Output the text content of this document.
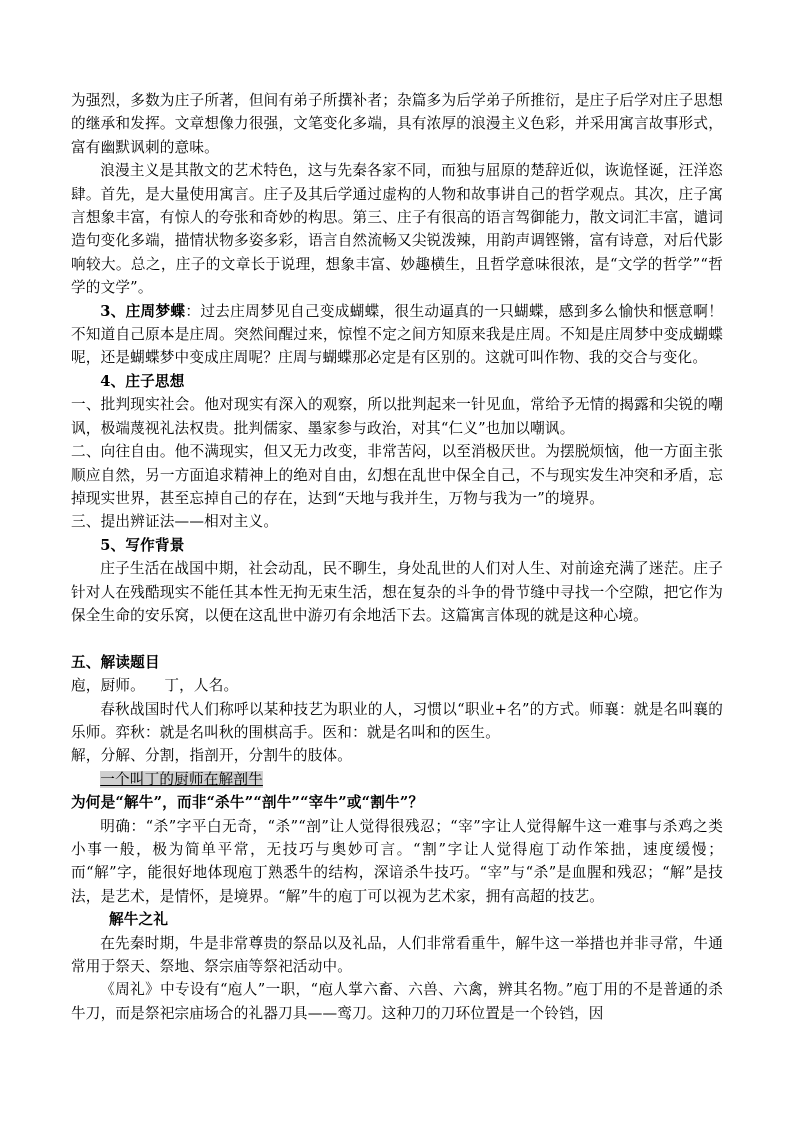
为强烈，多数为庄子所著，但间有弟子所撰补者；杂篇多为后学弟子所推衍，是庄子后学对庄子思想的继承和发挥。文章想像力很强，文笔变化多端，具有浓厚的浪漫主义色彩，并采用寓言故事形式，富有幽默讽刺的意味。

浪漫主义是其散文的艺术特色，这与先秦各家不同，而独与屈原的楚辞近似，诙诡怪诞，汪洋恣肆。首先，是大量使用寓言。庄子及其后学通过虚构的人物和故事讲自己的哲学观点。其次，庄子寓言想象丰富，有惊人的夸张和奇妙的构思。第三、庄子有很高的语言驾御能力，散文词汇丰富，谴词造句变化多端，描情状物多姿多彩，语言自然流畅又尖锐泼辣，用韵声调铿锵，富有诗意，对后代影响较大。总之，庄子的文章长于说理，想象丰富、妙趣横生，且哲学意味很浓，是“文学的哲学”“哲学的文学”。

3、庄周梦蝶：过去庄周梦见自己变成蝴蝶，很生动逼真的一只蝴蝶，感到多么愉快和惬意啊！不知道自己原本是庄周。突然间醒过来，惊惶不定之间方知原来我是庄周。不知是庄周梦中变成蝴蝶呢，还是蝴蝶梦中变成庄周呢？庄周与蝴蝶那必定是有区别的。这就可叫作物、我的交合与变化。

4、庄子思想

一、批判现实社会。他对现实有深入的观察，所以批判起来一针见血，常给予无情的揭露和尖锐的嘲讽，极端蔑视礼法权贵。批判儒家、墨家参与政治，对其“仁义”也加以嘲讽。

二、向往自由。他不满现实，但又无力改变，非常苦闷，以至消极厌世。为摆脱烦恼，他一方面主张顺应自然，另一方面追求精神上的绝对自由，幻想在乱世中保全自己，不与现实发生冲突和矛盾，忘掉现实世界，甚至忘掉自己的存在，达到“天地与我并生，万物与我为一”的境界。

三、提出辨证法——相对主义。

5、写作背景

庄子生活在战国中期，社会动乱，民不聊生，身处乱世的人们对人生、对前途充满了迷茫。庄子针对人在残酷现实不能任其本性无拘无束生活，想在复杂的斗争的骨节缝中寻找一个空隙，把它作为保全生命的安乐窝，以便在这乱世中游刃有余地活下去。这篇寓言体现的就是这种心境。

五、解读题目

庖，厨师。    丁，人名。

春秋战国时代人们称呼以某种技艺为职业的人，习惯以“职业+名”的方式。师襄：就是名叫襄的乐师。弈秋：就是名叫秋的围棋高手。医和：就是名叫和的医生。

解，分解、分割，指剖开，分割牛的肢体。

一个叫丁的厨师在解剖牛

为何是“解牛”，而非“杀牛”“剖牛”“宰牛”或“割牛”？

明确：“杀”字平白无奇，“杀”“剖”让人觉得很残忍；“宰”字让人觉得解牛这一难事与杀鸡之类小事一般，极为简单平常，无技巧与奥妙可言。“割”字让人觉得庖丁动作笨拙，速度缓慢；而“解”字，能很好地体现庖丁熟悉牛的结构，深谙杀牛技巧。“宰”与“杀”是血腥和残忍；“解”是技法，是艺术，是情怀，是境界。“解”牛的庖丁可以视为艺术家，拥有高超的技艺。

解牛之礼

在先秦时期，牛是非常尊贵的祭品以及礼品，人们非常看重牛，解牛这一举措也并非寻常，牛通常用于祭天、祭地、祭宗庙等祭祀活动中。

《周礼》中专设有“庖人”一职，“庖人掌六畜、六兽、六禽，辨其名物。”庖丁用的不是普通的杀牛刀，而是祭祀宗庙场合的礼器刀具——鸾刀。这种刀的刀环位置是一个铃铛，因
